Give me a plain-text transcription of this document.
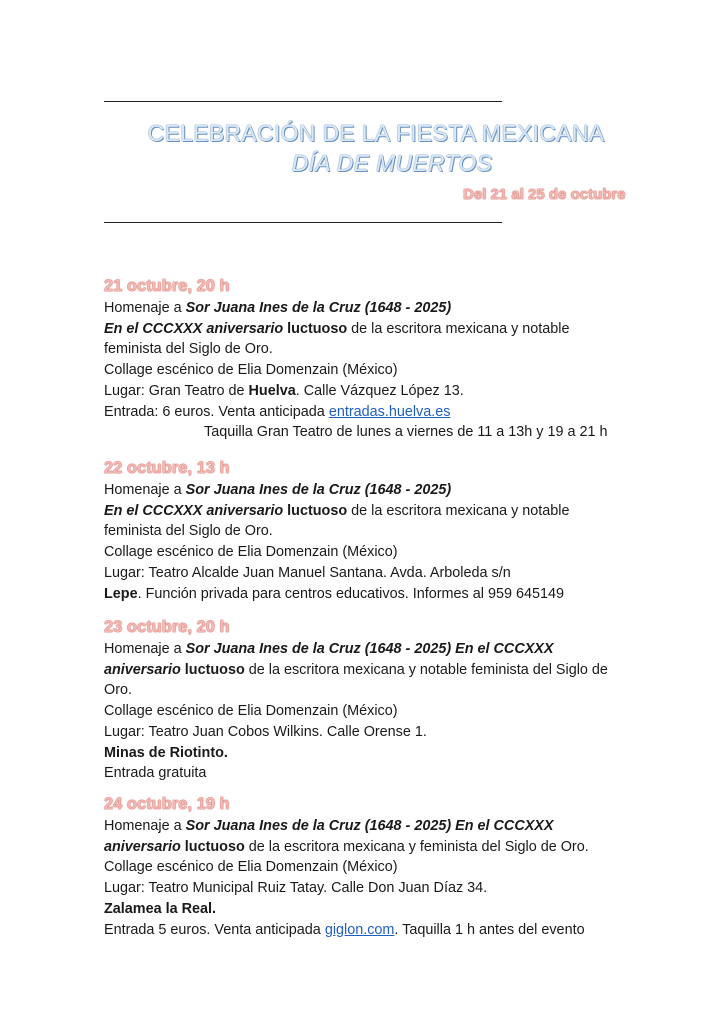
CELEBRACIÓN DE LA FIESTA MEXICANA
DÍA DE MUERTOS
Del 21 al 25 de octubre
21 octubre, 20 h
Homenaje a Sor Juana Ines de la Cruz (1648 - 2025)
En el CCCXXX aniversario luctuoso de la escritora mexicana y notable
feminista del Siglo de Oro.
Collage escénico de Elia Domenzain (México)
Lugar: Gran Teatro de Huelva. Calle Vázquez López 13.
Entrada: 6 euros. Venta anticipada entradas.huelva.es
Taquilla Gran Teatro de lunes a viernes de 11 a 13h y 19 a 21 h
22 octubre, 13 h
Homenaje a Sor Juana Ines de la Cruz (1648 - 2025)
En el CCCXXX aniversario luctuoso de la escritora mexicana y notable
feminista del Siglo de Oro.
Collage escénico de Elia Domenzain (México)
Lugar: Teatro Alcalde Juan Manuel Santana. Avda. Arboleda s/n
Lepe. Función privada para centros educativos. Informes al 959 645149
23 octubre, 20 h
Homenaje a Sor Juana Ines de la Cruz (1648 - 2025) En el CCCXXX
aniversario luctuoso de la escritora mexicana y notable feminista del Siglo de
Oro.
Collage escénico de Elia Domenzain (México)
Lugar: Teatro Juan Cobos Wilkins. Calle Orense 1.
Minas de Riotinto.
Entrada gratuita
24 octubre, 19 h
Homenaje a Sor Juana Ines de la Cruz (1648 - 2025) En el CCCXXX
aniversario luctuoso de la escritora mexicana y feminista del Siglo de Oro.
Collage escénico de Elia Domenzain (México)
Lugar: Teatro Municipal Ruiz Tatay. Calle Don Juan Díaz 34.
Zalamea la Real.
Entrada 5 euros. Venta anticipada giglon.com. Taquilla 1 h antes del evento
